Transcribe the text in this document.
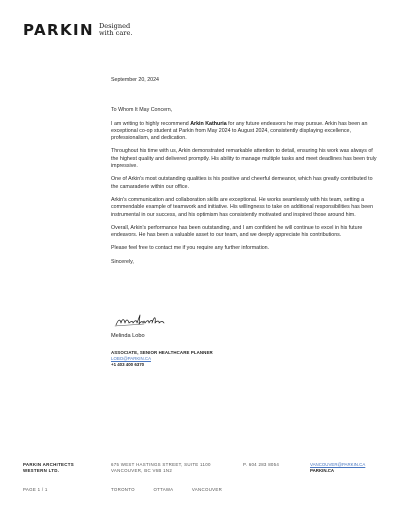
PARKIN Designed
with care.
September 20, 2024
To Whom It May Concern,

I am writing to highly recommend Arkin Kathuria for any future endeavors he may pursue. Arkin has been an exceptional co-op student at Parkin from May 2024 to August 2024, consistently displaying excellence, professionalism, and dedication.

Throughout his time with us, Arkin demonstrated remarkable attention to detail, ensuring his work was always of the highest quality and delivered promptly. His ability to manage multiple tasks and meet deadlines has been truly impressive.

One of Arkin's most outstanding qualities is his positive and cheerful demeanor, which has greatly contributed to the camaraderie within our office.

Arkin's communication and collaboration skills are exceptional. He works seamlessly with his team, setting a commendable example of teamwork and initiative. His willingness to take on additional responsibilities has been instrumental in our success, and his optimism has consistently motivated and inspired those around him.

Overall, Arkin's performance has been outstanding, and I am confident he will continue to excel in his future endeavors. He has been a valuable asset to our team, and we deeply appreciate his contributions.

Please feel free to contact me if you require any further information.

Sincerely,
Melinda Lobo
ASSOCIATE, SENIOR HEALTHCARE PLANNER
LOBO@PARKIN.CA
+1 403 400 6370
PARKIN ARCHITECTS
WESTERN LTD.
675 WEST HASTINGS STREET, SUITE 1100
VANCOUVER, BC V6B 1N2
P. 604 283 8054	VANCOUVER@PARKIN.CA
PARKIN.CA
PAGE 1 / 1	TORONTO	OTTAWA	VANCOUVER
